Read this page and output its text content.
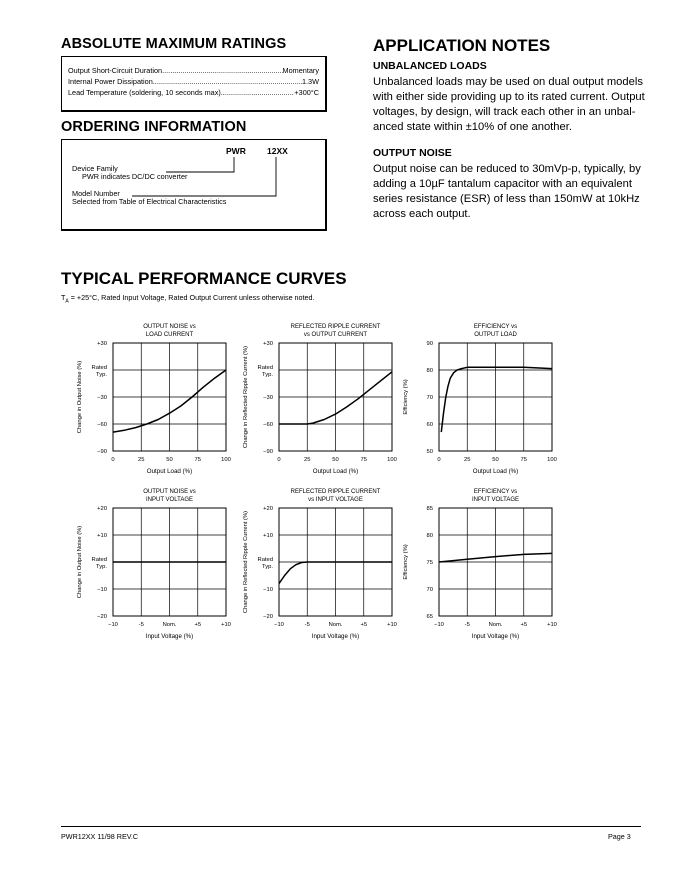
ABSOLUTE MAXIMUM RATINGS
Output Short-Circuit Duration .....	Momentary
Internal Power Dissipation .....	1.3W
Lead Temperature (soldering, 10 seconds max) .....	+300°C
ORDERING INFORMATION
PWR 12XX
Device Family
PWR indicates DC/DC converter
Model Number
Selected from Table of Electrical Characteristics
APPLICATION NOTES
UNBALANCED LOADS
Unbalanced loads may be used on dual output models
with either side providing up to its rated current. Output
voltages, by design, will track each other in an unbal-
anced state within ±10% of one another.
OUTPUT NOISE
Output noise can be reduced to 30mVp-p, typically, by
adding a 10µF tantalum capacitor with an equivalent
series resistance (ESR) of less than 150mW at 10kHz
across each output.
TYPICAL PERFORMANCE CURVES
$T_A = +25^\circ C$, Rated Input Voltage, Rated Output Current unless otherwise noted.
OUTPUT NOISE vs
LOAD CURRENT
0	25	50	75	100
+30
Rated
Typ.
−30
−60
−90
Output Load (%)
Change in Output Noise (%)
REFLECTED RIPPLE CURRENT
vs OUTPUT CURRENT
0	25	50	75	100
+30
Rated
Typ.
−30
−60
−90
Output Load (%)
Change in Reflected Ripple Current (%)
EFFICIENCY vs
OUTPUT LOAD
0	25	50	75	100
90
80
70
60
50
Output Load (%)
Efficiency (%)
OUTPUT NOISE vs
INPUT VOLTAGE
−10	-5	Nom.	+5	+10
+20
+10
Rated
Typ.
−10
−20
Input Voltage (%)
Change in Output Noise (%)
REFLECTED RIPPLE CURRENT
vs INPUT VOLTAGE
−10	-5	Nom.	+5	+10
+20
+10
Rated
Typ.
−10
−20
Input Voltage (%)
Change in Reflected Ripple Current (%)
EFFICIENCY vs
INPUT VOLTAGE
−10	-5	Nom.	+5	+10
85
80
75
70
65
Input Voltage (%)
Efficiency (%)
PWR12XX 11/98 REV.C	Page 3
